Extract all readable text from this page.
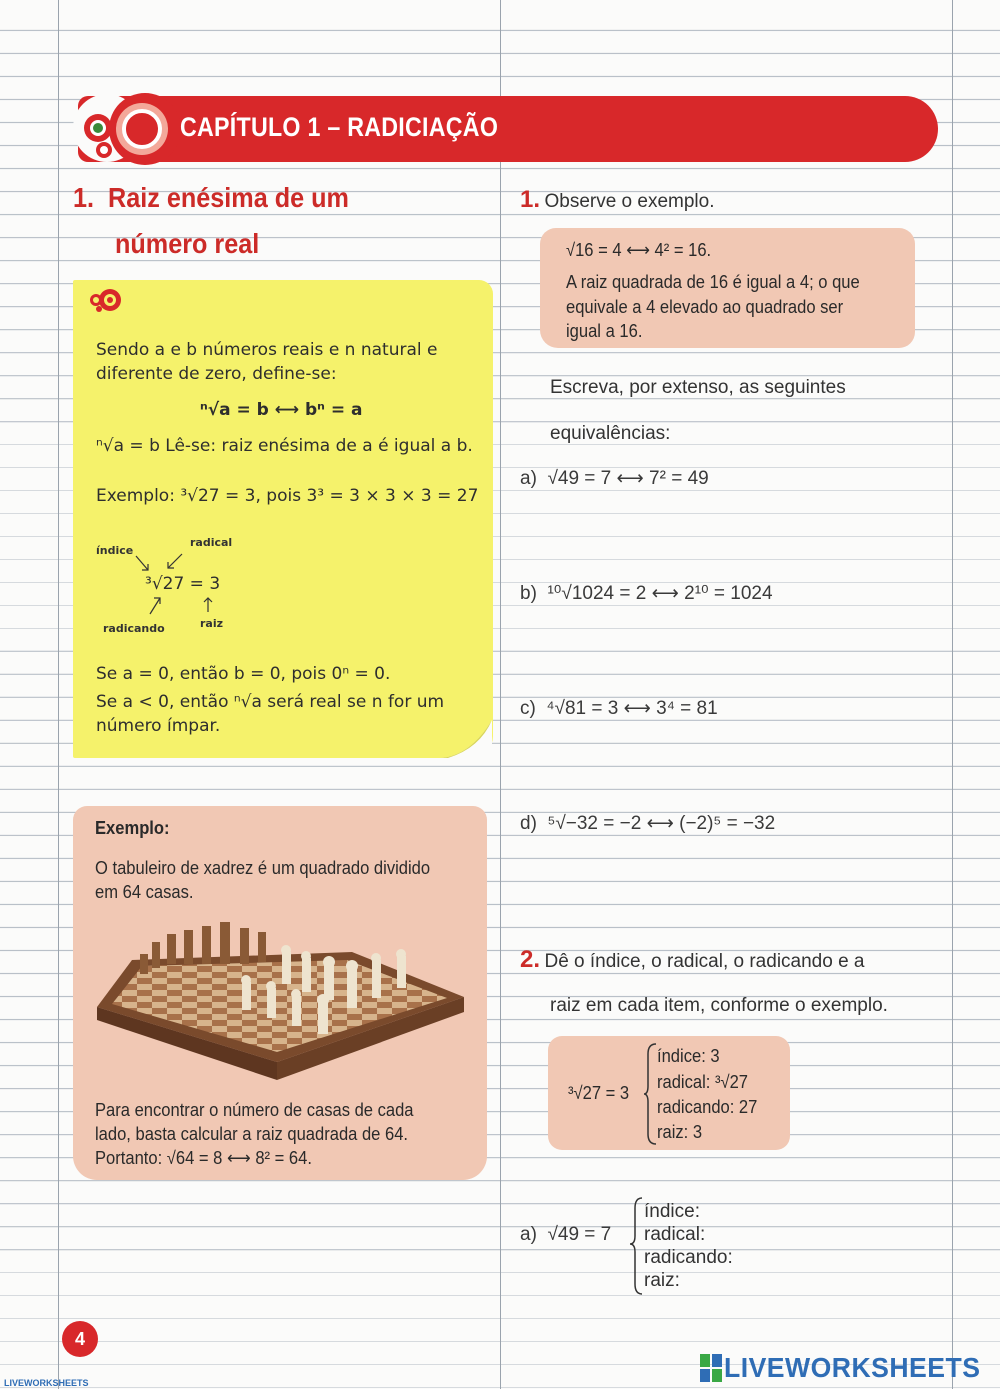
CAPÍTULO 1 – RADICIAÇÃO
1. Raiz enésima de um
número real
Sendo a e b números reais e n natural e
diferente de zero, define-se:
ⁿ√a = b ⟷ bⁿ = a
ⁿ√a = b Lê-se: raiz enésima de a é igual a b.
Exemplo: ³√27 = 3, pois 3³ = 3 × 3 × 3 = 27
índice
radical
³√27 = 3
radicando	raiz
Se a = 0, então b = 0, pois 0ⁿ = 0.
Se a < 0, então ⁿ√a será real se n for um
número ímpar.
Exemplo:
O tabuleiro de xadrez é um quadrado dividido
em 64 casas.
Para encontrar o número de casas de cada
lado, basta calcular a raiz quadrada de 64.
Portanto: √64 = 8 ⟷ 8² = 64.
1. Observe o exemplo.
√16 = 4 ⟷ 4² = 16.
A raiz quadrada de 16 é igual a 4; o que
equivale a 4 elevado ao quadrado ser
igual a 16.
Escreva, por extenso, as seguintes
equivalências:
a) √49 = 7 ⟷ 7² = 49
b) ¹⁰√1024 = 2 ⟷ 2¹⁰ = 1024
c) ⁴√81 = 3 ⟷ 3⁴ = 81
d) ⁵√−32 = −2 ⟷ (−2)⁵ = −32
2. Dê o índice, o radical, o radicando e a
raiz em cada item, conforme o exemplo.
³√27 = 3
índice: 3
radical: ³√27
radicando: 27
raiz: 3
a) √49 = 7
índice:
radical:
radicando:
raiz:
4
LIVEWORKSHEETS	LIVEWORKSHEETS
